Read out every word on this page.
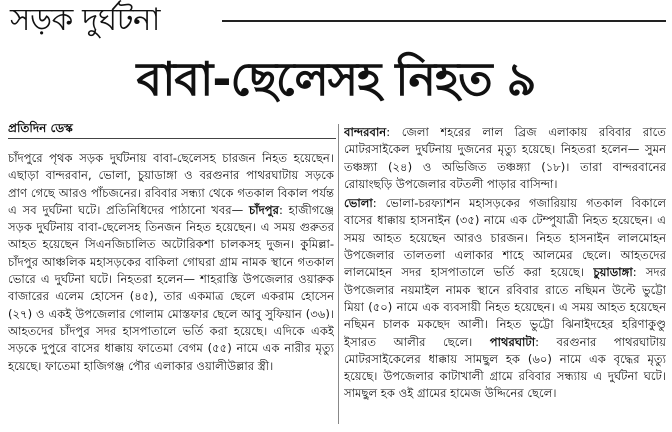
সড়ক দুর্ঘটনা
বাবা-ছেলেসহ নিহত ৯
প্রতিদিন ডেস্ক

চাঁদপুরে পৃথক সড়ক দুর্ঘটনায় বাবা-ছেলেসহ চারজন নিহত হয়েছেন। এছাড়া বান্দরবান, ভোলা, চুয়াডাঙ্গা ও বরগুনার পাথরঘাটায় সড়কে প্রাণ গেছে আরও পাঁচজনের। রবিবার সন্ধ্যা থেকে গতকাল বিকাল পর্যন্ত এ সব দুর্ঘটনা ঘটে। প্রতিনিধিদের পাঠানো খবর— চাঁদপুর: হাজীগঞ্জে সড়ক দুর্ঘটনায় বাবা-ছেলেসহ তিনজন নিহত হয়েছেন। এ সময় গুরুতর আহত হয়েছেন সিএনজিচালিত অটোরিকশা চালকসহ দুজন। কুমিল্লা-চাঁদপুর আঞ্চলিক মহাসড়কের বাকিলা গোঘরা গ্রাম নামক স্থানে গতকাল ভোরে এ দুর্ঘটনা ঘটে। নিহতরা হলেন— শাহরাস্তি উপজেলার ওয়ারুক বাজারের এলেম হোসেন (৪৫), তার একমাত্র ছেলে একরাম হোসেন (২৭) ও একই উপজেলার গোলাম মোস্তফার ছেলে আবু সুফিয়ান (৩৬)। আহতদের চাঁদপুর সদর হাসপাতালে ভর্তি করা হয়েছে। এদিকে একই সড়কে দুপুরে বাসের ধাক্কায় ফাতেমা বেগম (৫৫) নামে এক নারীর মৃত্যু হয়েছে। ফাতেমা হাজিগঞ্জ পৌর এলাকার ওয়ালীউল্লার স্ত্রী।

বান্দরবান: জেলা শহরের লাল ব্রিজ এলাকায় রবিবার রাতে মোটরসাইকেল দুর্ঘটনায় দুজনের মৃত্যু হয়েছে। নিহতরা হলেন— সুমন তঞ্চঙ্গ্যা (২৪) ও অভিজিত তঞ্চঙ্গ্যা (১৮)। তারা বান্দরবানের রোয়াংছড়ি উপজেলার বটতলী পাড়ার বাসিন্দা।

ভোলা: ভোলা-চরফ্যাশন মহাসড়কের গজারিয়ায় গতকাল বিকালে বাসের ধাক্কায় হাসনাইন (৩৫) নামে এক টেম্পুযাত্রী নিহত হয়েছেন। এ সময় আহত হয়েছেন আরও চারজন। নিহত হাসনাইন লালমোহন উপজেলার তালতলা এলাকার শাহে আলমের ছেলে। আহতদের লালমোহন সদর হাসপাতালে ভর্তি করা হয়েছে। চুয়াডাঙ্গা: সদর উপজেলার নয়মাইল নামক স্থানে রবিবার রাতে নছিমন উল্টে ভুট্টো মিয়া (৫০) নামে এক ব্যবসায়ী নিহত হয়েছেন। এ সময় আহত হয়েছেন নছিমন চালক মকছেদ আলী। নিহত ভুট্টো ঝিনাইদহের হরিণাকুণ্ডু ইসারত আলীর ছেলে। পাথরঘাটা: বরগুনার পাথরঘাটায় মোটরসাইকেলের ধাক্কায় সামছুল হক (৬০) নামে এক বৃদ্ধের মৃত্যু হয়েছে। উপজেলার কাটাখালী গ্রামে রবিবার সন্ধ্যায় এ দুর্ঘটনা ঘটে। সামছুল হক ওই গ্রামের হামেজ উদ্দিনের ছেলে।
